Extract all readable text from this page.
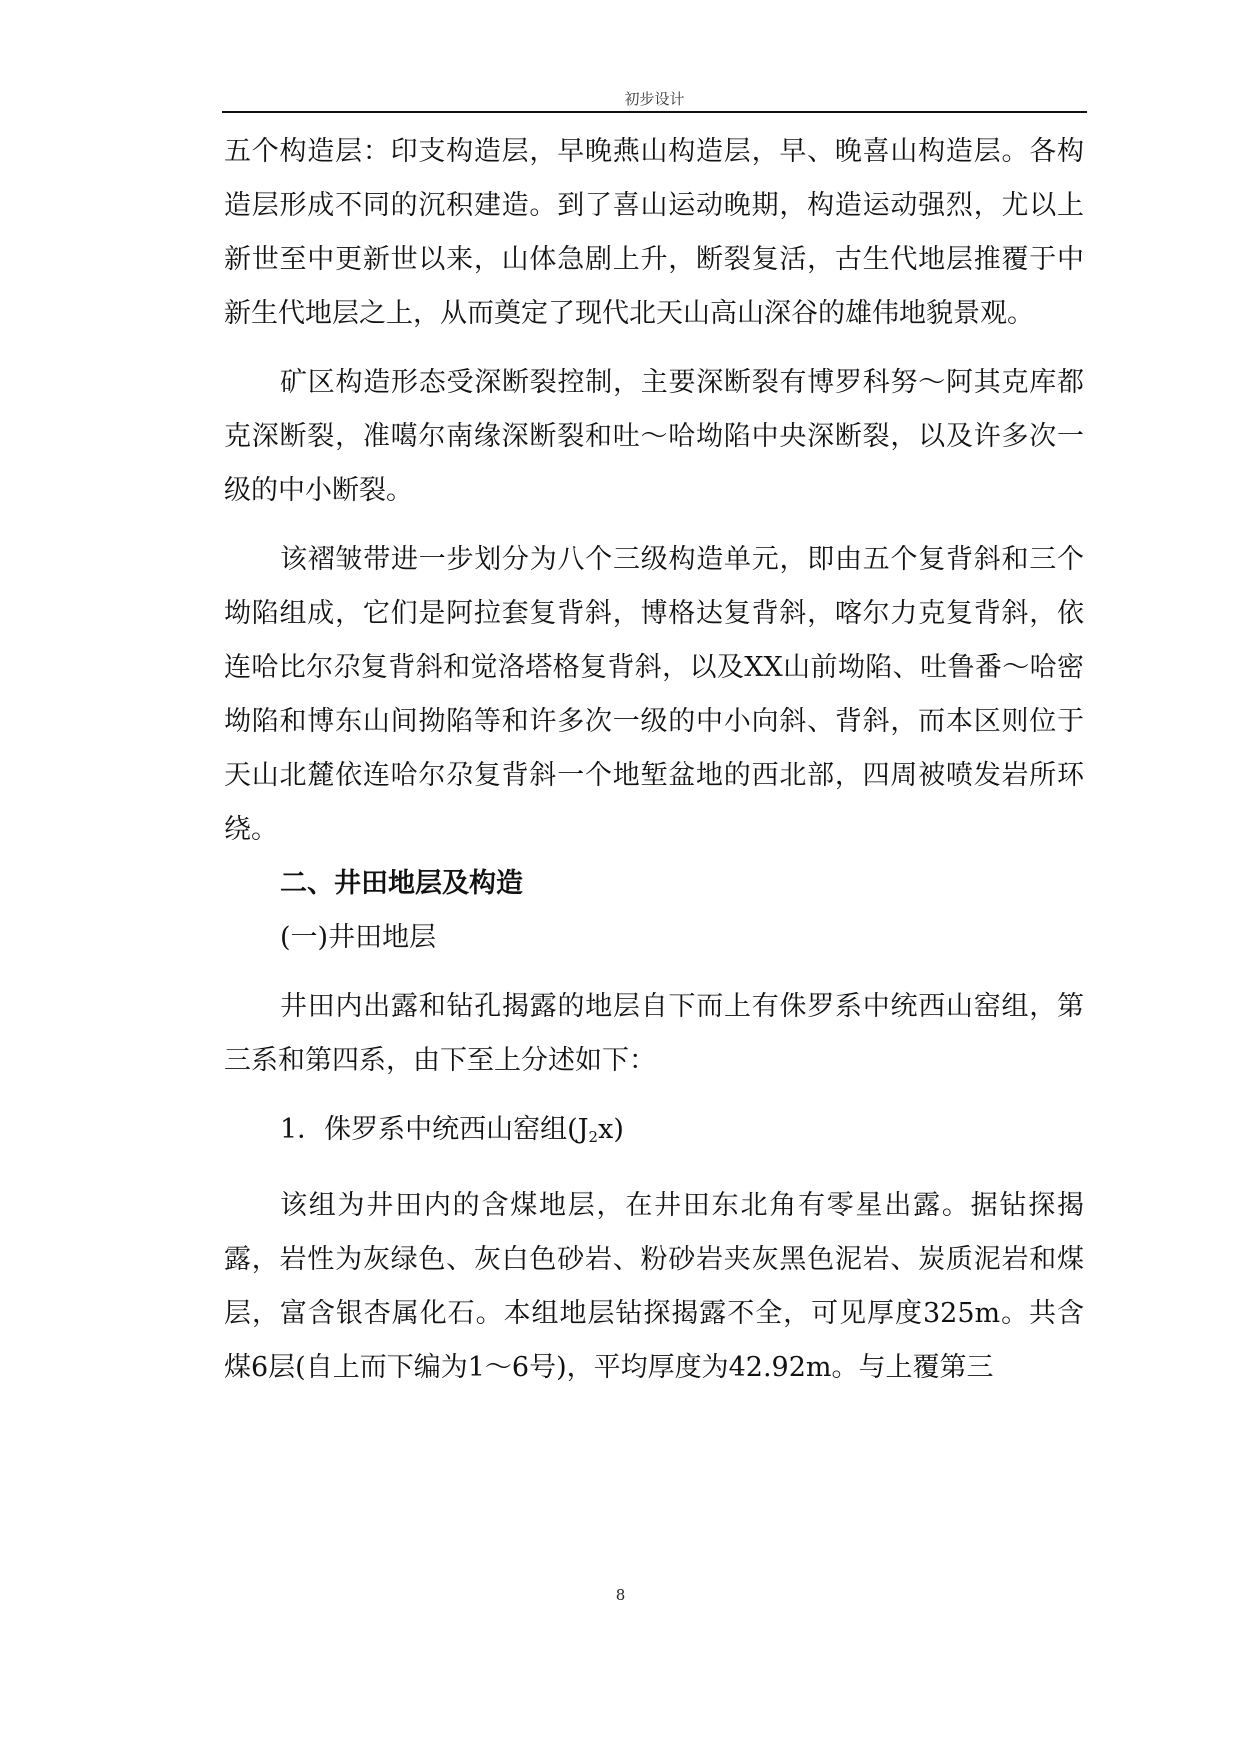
初步设计

五个构造层：印支构造层，早晚燕山构造层，早、晚喜山构造层。各构造层形成不同的沉积建造。到了喜山运动晚期，构造运动强烈，尤以上新世至中更新世以来，山体急剧上升，断裂复活，古生代地层推覆于中新生代地层之上，从而奠定了现代北天山高山深谷的雄伟地貌景观。

矿区构造形态受深断裂控制，主要深断裂有博罗科努～阿其克库都克深断裂，准噶尔南缘深断裂和吐～哈坳陷中央深断裂，以及许多次一级的中小断裂。

该褶皱带进一步划分为八个三级构造单元，即由五个复背斜和三个坳陷组成，它们是阿拉套复背斜，博格达复背斜，喀尔力克复背斜，依连哈比尔尕复背斜和觉洛塔格复背斜，以及XX山前坳陷、吐鲁番～哈密坳陷和博东山间拗陷等和许多次一级的中小向斜、背斜，而本区则位于天山北麓依连哈尔尕复背斜一个地堑盆地的西北部，四周被喷发岩所环绕。

二、井田地层及构造

(一)井田地层

井田内出露和钻孔揭露的地层自下而上有侏罗系中统西山窑组，第三系和第四系，由下至上分述如下：

1．侏罗系中统西山窑组$(J_2x)$

该组为井田内的含煤地层，在井田东北角有零星出露。据钻探揭露，岩性为灰绿色、灰白色砂岩、粉砂岩夹灰黑色泥岩、炭质泥岩和煤层，富含银杏属化石。本组地层钻探揭露不全，可见厚度325m。共含煤6层(自上而下编为1～6号)，平均厚度为42.92m。与上覆第三

8
